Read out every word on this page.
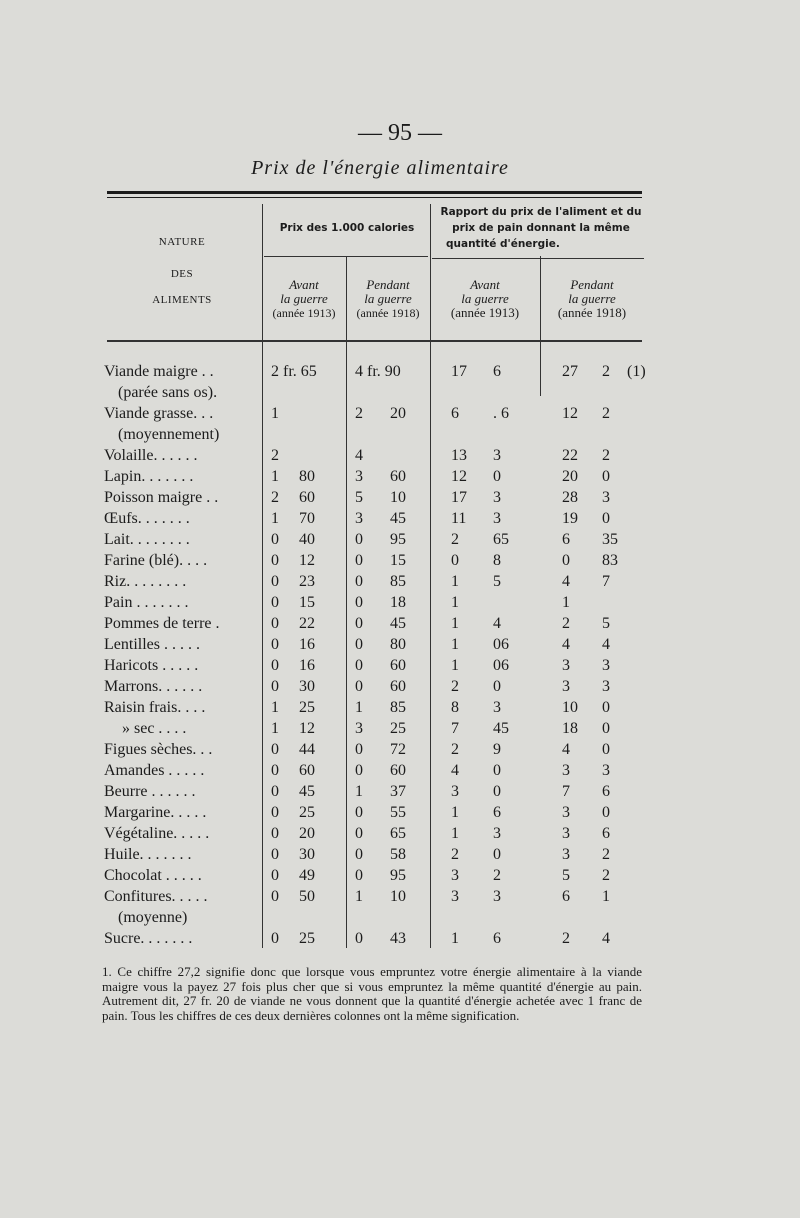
— 95 —
Prix de l'énergie alimentaire
NATURE
DES
ALIMENTS
Prix des 1.000 calories
Rapport du prix de l'aliment et du
prix de pain donnant la même
quantité d'énergie.
Avant
la guerre
(année 1913)
Pendant
la guerre
(année 1918)
Avant
la guerre
(année 1913)
Pendant
la guerre
(année 1918)
Viande maigre . .	2 fr. 65 4 fr. 90	17 6	27 2 (1)
(parée sans os).
Viande grasse. . .	1	2 20	6 . 6	12 2
(moyennement)
Volaille. . . . . .	2	4	13 3	22 2
Lapin. . . . . . .	1 80	3 60	12 0	20 0
Poisson maigre . .	2 60	5 10	17 3	28 3
Œufs. . . . . . .	1 70	3 45	11 3	19 0
Lait. . . . . . . .	0 40	0 95	2 65	6 35
Farine (blé). . . .	0 12	0 15	0 8	0 83
Riz. . . . . . . .	0 23	0 85	1 5	4 7
Pain . . . . . . .	0 15	0 18	1	1
Pommes de terre .	0 22	0 45	1 4	2 5
Lentilles . . . . .	0 16	0 80	1 06	4 4
Haricots . . . . .	0 16	0 60	1 06	3 3
Marrons. . . . . .	0 30	0 60	2 0	3 3
Raisin frais. . . .	1 25	1 85	8 3	10 0
» sec . . . .	1 12	3 25	7 45	18 0
Figues sèches. . .	0 44	0 72	2 9	4 0
Amandes . . . . .	0 60	0 60	4 0	3 3
Beurre . . . . . .	0 45	1 37	3 0	7 6
Margarine. . . . .	0 25	0 55	1 6	3 0
Végétaline. . . . .	0 20	0 65	1 3	3 6
Huile. . . . . . .	0 30	0 58	2 0	3 2
Chocolat . . . . .	0 49	0 95	3 2	5 2
Confitures. . . . .	0 50	1 10	3 3	6 1
(moyenne)
Sucre. . . . . . .	0 25	0 43	1 6	2 4
1. Ce chiffre 27,2 signifie donc que lorsque vous empruntez votre énergie alimentaire à la viande maigre vous la payez 27 fois plus cher que si vous empruntez la même quantité d'énergie au pain. Autrement dit, 27 fr. 20 de viande ne vous donnent que la quantité d'énergie achetée avec 1 franc de pain. Tous les chiffres de ces deux dernières colonnes ont la même signification.
